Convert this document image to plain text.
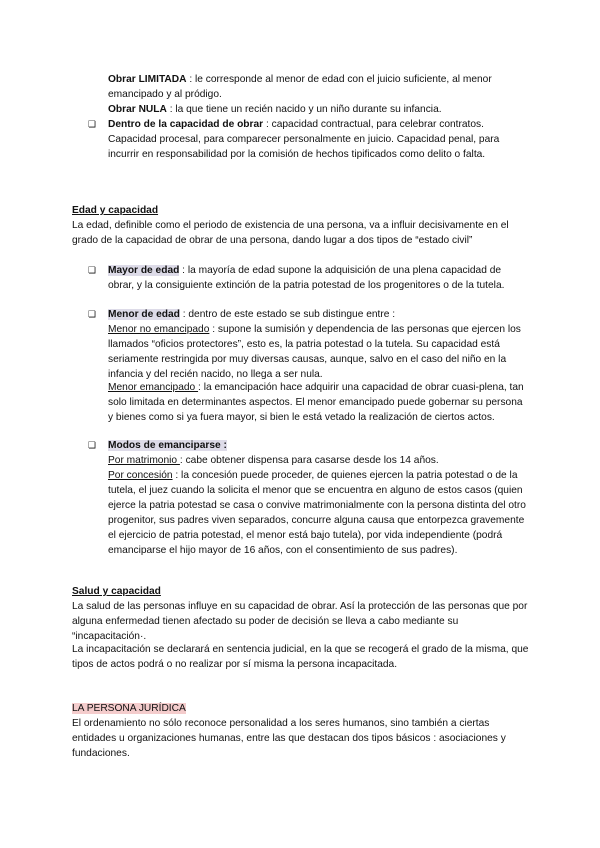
Obrar LIMITADA : le corresponde al menor de edad con el juicio suficiente, al menor emancipado y al pródigo.

Obrar NULA : la que tiene un recién nacido y un niño durante su infancia.

❏	Dentro de la capacidad de obrar : capacidad contractual, para celebrar contratos. Capacidad procesal, para comparecer personalmente en juicio. Capacidad penal, para incurrir en responsabilidad por la comisión de hechos tipificados como delito o falta.

Edad y capacidad

La edad, definible como el periodo de existencia de una persona, va a influir decisivamente en el grado de la capacidad de obrar de una persona, dando lugar a dos tipos de “estado civil”

❏	Mayor de edad : la mayoría de edad supone la adquisición de una plena capacidad de obrar, y la consiguiente extinción de la patria potestad de los progenitores o de la tutela.

❏	Menor de edad : dentro de este estado se sub distingue entre :

Menor no emancipado : supone la sumisión y dependencia de las personas que ejercen los llamados “oficios protectores”, esto es, la patria potestad o la tutela. Su capacidad está seriamente restringida por muy diversas causas, aunque, salvo en el caso del niño en la infancia y del recién nacido, no llega a ser nula.

Menor emancipado : la emancipación hace adquirir una capacidad de obrar cuasi-plena, tan solo limitada en determinantes aspectos. El menor emancipado puede gobernar su persona y bienes como si ya fuera mayor, si bien le está vetado la realización de ciertos actos.

❏	Modos de emanciparse :

Por matrimonio : cabe obtener dispensa para casarse desde los 14 años.

Por concesión : la concesión puede proceder, de quienes ejercen la patria potestad o de la tutela, el juez cuando la solicita el menor que se encuentra en alguno de estos casos (quien ejerce la patria potestad se casa o convive matrimonialmente con la persona distinta del otro progenitor, sus padres viven separados, concurre alguna causa que entorpezca gravemente el ejercicio de patria potestad, el menor está bajo tutela), por vida independiente (podrá emanciparse el hijo mayor de 16 años, con el consentimiento de sus padres).

Salud y capacidad

La salud de las personas influye en su capacidad de obrar. Así la protección de las personas que por alguna enfermedad tienen afectado su poder de decisión se lleva a cabo mediante su “incapacitación·.

La incapacitación se declarará en sentencia judicial, en la que se recogerá el grado de la misma, que tipos de actos podrá o no realizar por sí misma la persona incapacitada.

LA PERSONA JURÍDICA

El ordenamiento no sólo reconoce personalidad a los seres humanos, sino también a ciertas entidades u organizaciones humanas, entre las que destacan dos tipos básicos : asociaciones y fundaciones.
